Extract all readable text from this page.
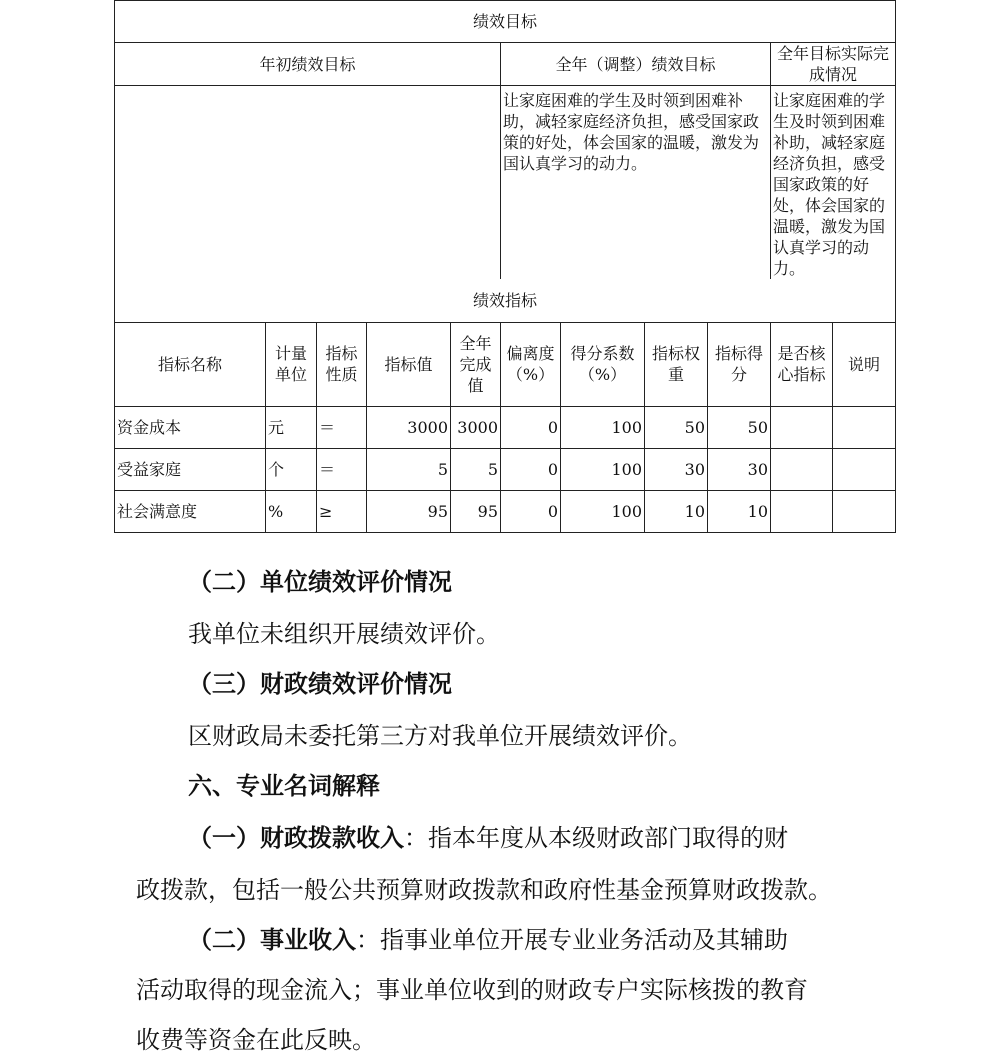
绩效目标										
年初绩效目标					全年（调整）绩效目标				全年目标实际完成情况	
					让家庭困难的学生及时领到困难补助，减轻家庭经济负担，感受国家政策的好处，体会国家的温暖，激发为国认真学习的动力。				让家庭困难的学生及时领到困难补助，减轻家庭经济负担，感受国家政策的好处，体会国家的温暖，激发为国认真学习的动力。	
绩效指标										
指标名称	计量单位	指标性质	指标值	全年完成值	偏离度（%）	得分系数（%）	指标权重	指标得分	是否核心指标	说明
资金成本	元	＝	3000	3000	0	100	50	50		
受益家庭	个	＝	5	5	0	100	30	30		
社会满意度	%	≥	95	95	0	100	10	10		
（二）单位绩效评价情况
我单位未组织开展绩效评价。
（三）财政绩效评价情况
区财政局未委托第三方对我单位开展绩效评价。
六、专业名词解释
（一）财政拨款收入：指本年度从本级财政部门取得的财
政拨款，包括一般公共预算财政拨款和政府性基金预算财政拨款。
（二）事业收入：指事业单位开展专业业务活动及其辅助
活动取得的现金流入；事业单位收到的财政专户实际核拨的教育
收费等资金在此反映。
